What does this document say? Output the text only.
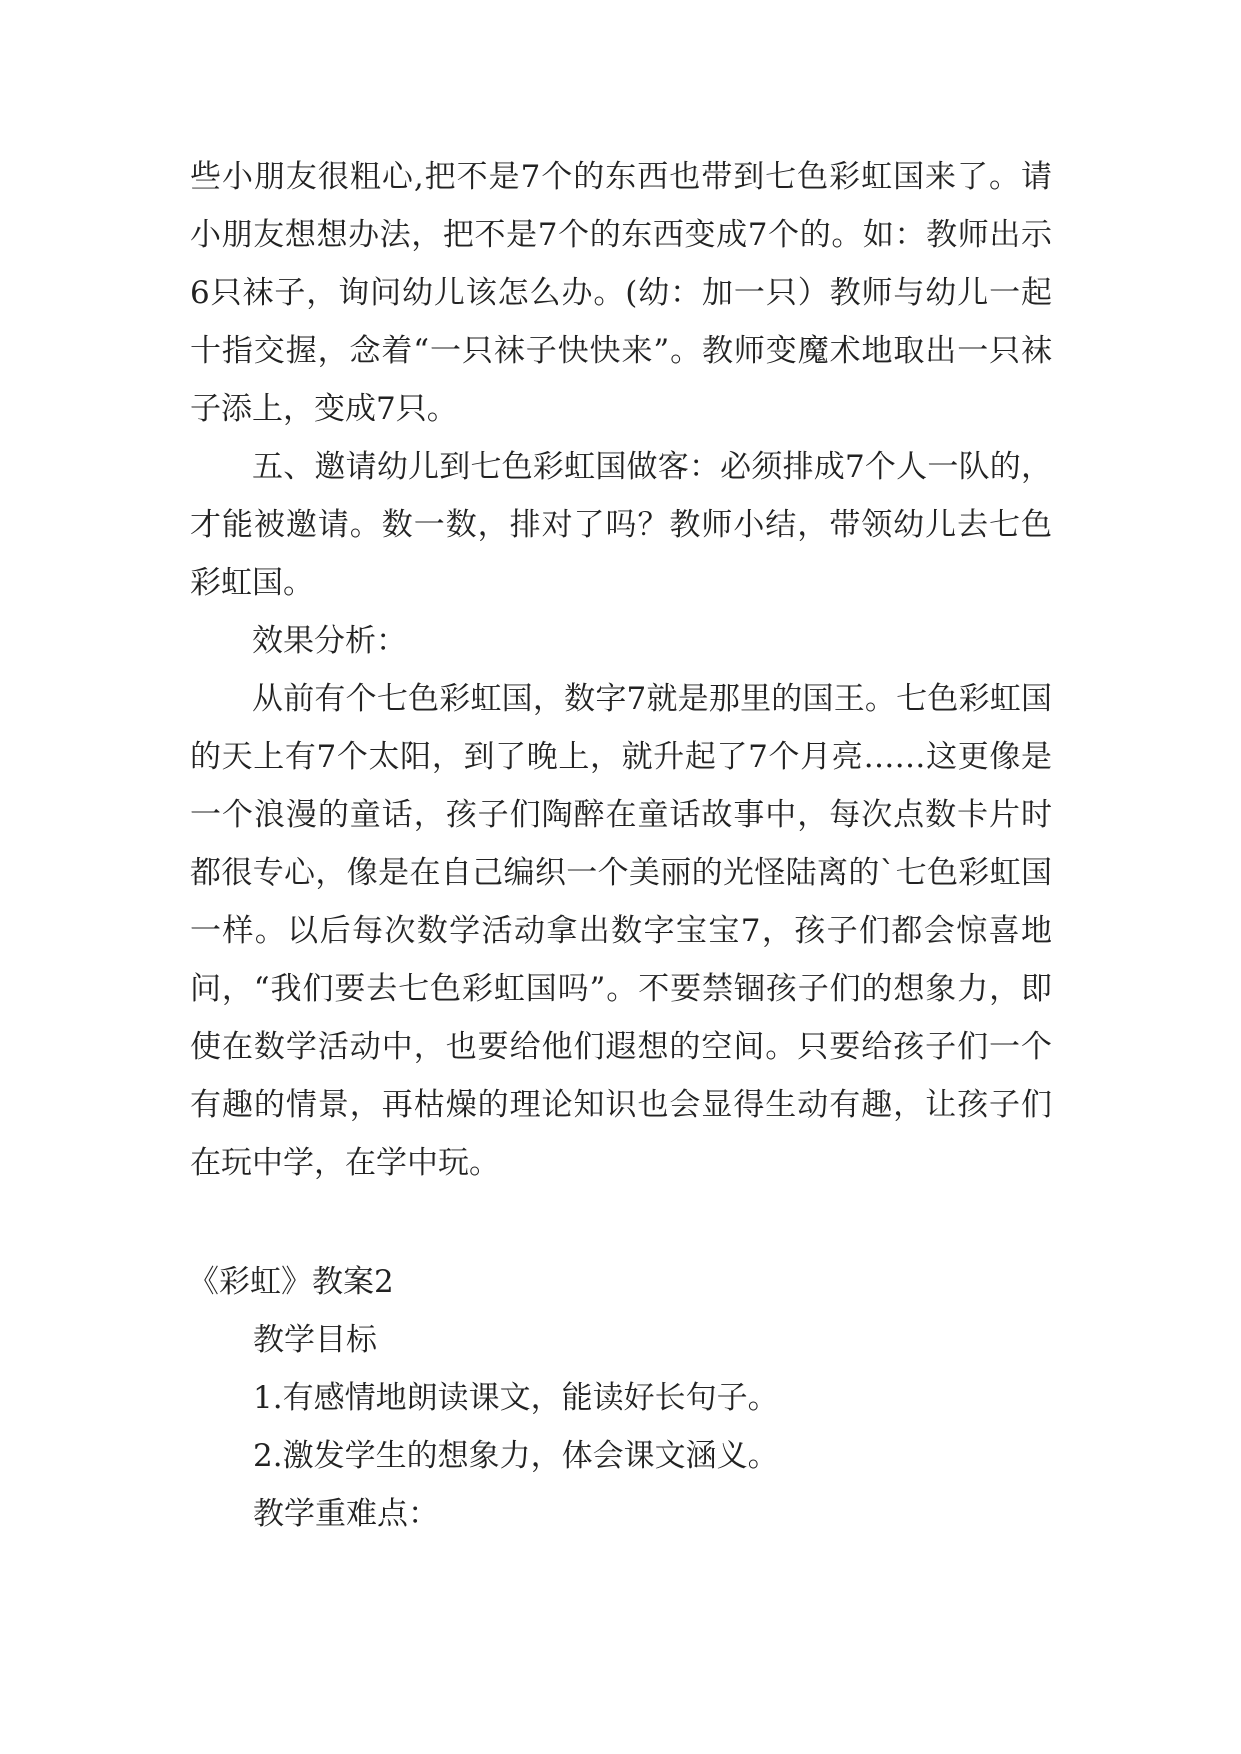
些小朋友很粗心,把不是7个的东西也带到七色彩虹国来了。请小朋友想想办法，把不是7个的东西变成7个的。如：教师出示6只袜子，询问幼儿该怎么办。(幼：加一只）教师与幼儿一起十指交握，念着“一只袜子快快来”。教师变魔术地取出一只袜子添上，变成7只。

五、邀请幼儿到七色彩虹国做客：必须排成7个人一队的，才能被邀请。数一数，排对了吗？教师小结，带领幼儿去七色彩虹国。

效果分析：

从前有个七色彩虹国，数字7就是那里的国王。七色彩虹国的天上有7个太阳，到了晚上，就升起了7个月亮……这更像是一个浪漫的童话，孩子们陶醉在童话故事中，每次点数卡片时都很专心，像是在自己编织一个美丽的光怪陆离的`七色彩虹国一样。以后每次数学活动拿出数字宝宝7，孩子们都会惊喜地问，“我们要去七色彩虹国吗”。不要禁锢孩子们的想象力，即使在数学活动中，也要给他们遐想的空间。只要给孩子们一个有趣的情景，再枯燥的理论知识也会显得生动有趣，让孩子们在玩中学，在学中玩。

《彩虹》教案2

教学目标

1.有感情地朗读课文，能读好长句子。

2.激发学生的想象力，体会课文涵义。

教学重难点：
